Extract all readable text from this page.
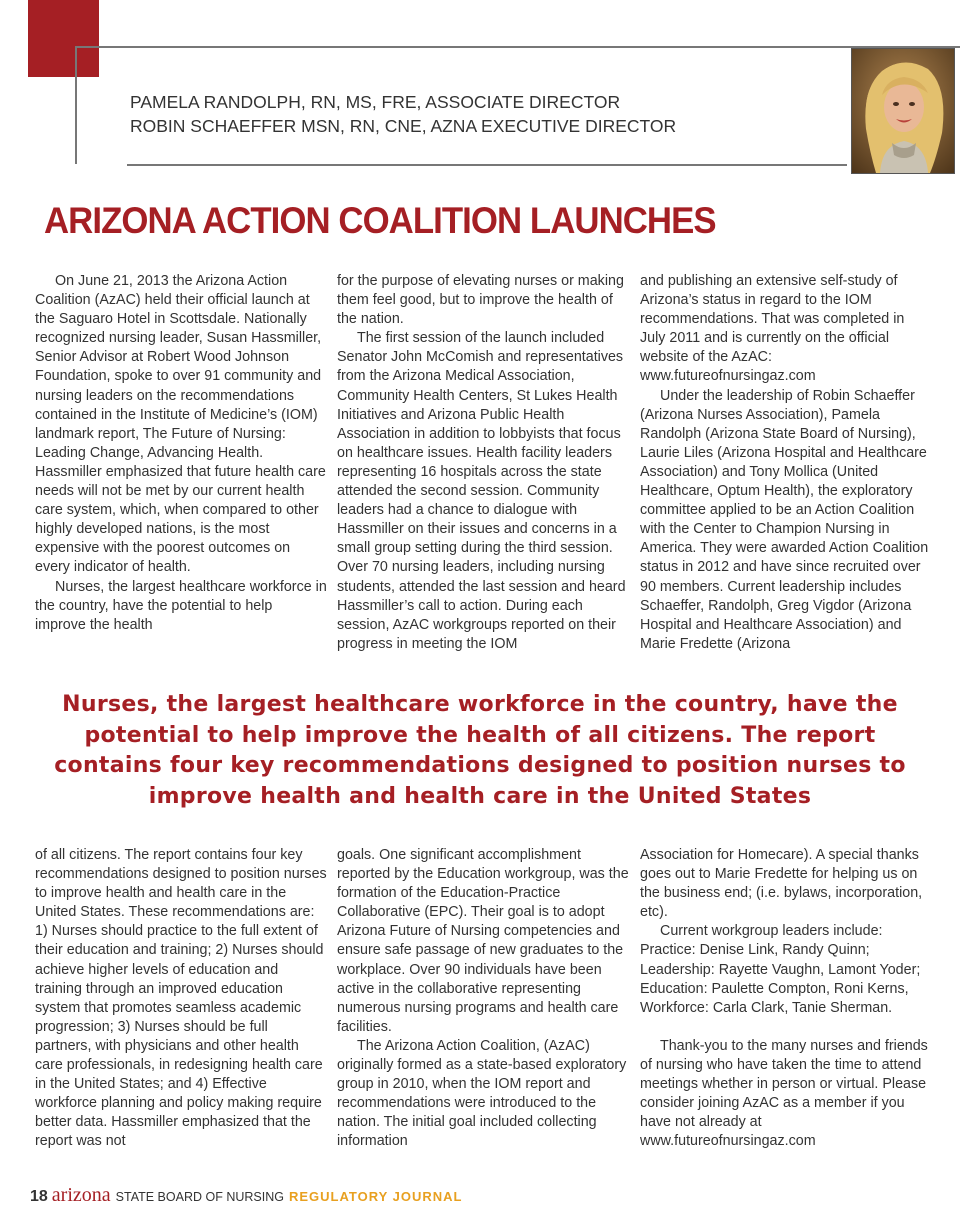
PAMELA RANDOLPH, RN, MS, FRE, ASSOCIATE DIRECTOR
ROBIN SCHAEFFER MSN, RN, CNE, AZNA EXECUTIVE DIRECTOR
ARIZONA ACTION COALITION LAUNCHES

On June 21, 2013 the Arizona Action Coalition (AzAC) held their official launch at the Saguaro Hotel in Scottsdale. Nationally recognized nursing leader, Susan Hassmiller, Senior Advisor at Robert Wood Johnson Foundation, spoke to over 91 community and nursing leaders on the recommendations contained in the Institute of Medicine’s (IOM) landmark report, The Future of Nursing: Leading Change, Advancing Health. Hassmiller emphasized that future health care needs will not be met by our current health care system, which, when compared to other highly developed nations, is the most expensive with the poorest outcomes on every indicator of health.

Nurses, the largest healthcare workforce in the country, have the potential to help improve the health

for the purpose of elevating nurses or making them feel good, but to improve the health of the nation.

The first session of the launch included Senator John McComish and representatives from the Arizona Medical Association, Community Health Centers, St Lukes Health Initiatives and Arizona Public Health Association in addition to lobbyists that focus on healthcare issues. Health facility leaders representing 16 hospitals across the state attended the second session. Community leaders had a chance to dialogue with Hassmiller on their issues and concerns in a small group setting during the third session. Over 70 nursing leaders, including nursing students, attended the last session and heard Hassmiller’s call to action. During each session, AzAC workgroups reported on their progress in meeting the IOM

and publishing an extensive self-study of Arizona’s status in regard to the IOM recommendations. That was completed in July 2011 and is currently on the official website of the AzAC: www.futureofnursingaz.com

Under the leadership of Robin Schaeffer (Arizona Nurses Association), Pamela Randolph (Arizona State Board of Nursing), Laurie Liles (Arizona Hospital and Healthcare Association) and Tony Mollica (United Healthcare, Optum Health), the exploratory committee applied to be an Action Coalition with the Center to Champion Nursing in America. They were awarded Action Coalition status in 2012 and have since recruited over 90 members. Current leadership includes Schaeffer, Randolph, Greg Vigdor (Arizona Hospital and Healthcare Association) and Marie Fredette (Arizona

Nurses, the largest healthcare workforce in the country, have the potential to help improve the health of all citizens. The report contains four key recommendations designed to position nurses to improve health and health care in the United States

of all citizens. The report contains four key recommendations designed to position nurses to improve health and health care in the United States. These recommendations are: 1) Nurses should practice to the full extent of their education and training; 2) Nurses should achieve higher levels of education and training through an improved education system that promotes seamless academic progression; 3) Nurses should be full partners, with physicians and other health care professionals, in redesigning health care in the United States; and 4) Effective workforce planning and policy making require better data. Hassmiller emphasized that the report was not

goals. One significant accomplishment reported by the Education workgroup, was the formation of the Education-Practice Collaborative (EPC). Their goal is to adopt Arizona Future of Nursing competencies and ensure safe passage of new graduates to the workplace. Over 90 individuals have been active in the collaborative representing numerous nursing programs and health care facilities.

The Arizona Action Coalition, (AzAC) originally formed as a state-based exploratory group in 2010, when the IOM report and recommendations were introduced to the nation. The initial goal included collecting information

Association for Homecare). A special thanks goes out to Marie Fredette for helping us on the business end; (i.e. bylaws, incorporation, etc).

Current workgroup leaders include: Practice: Denise Link, Randy Quinn; Leadership: Rayette Vaughn, Lamont Yoder; Education: Paulette Compton, Roni Kerns, Workforce: Carla Clark, Tanie Sherman.

Thank-you to the many nurses and friends of nursing who have taken the time to attend meetings whether in person or virtual. Please consider joining AzAC as a member if you have not already at www.futureofnursingaz.com

18 arizona STATE BOARD OF NURSING REGULATORY JOURNAL
